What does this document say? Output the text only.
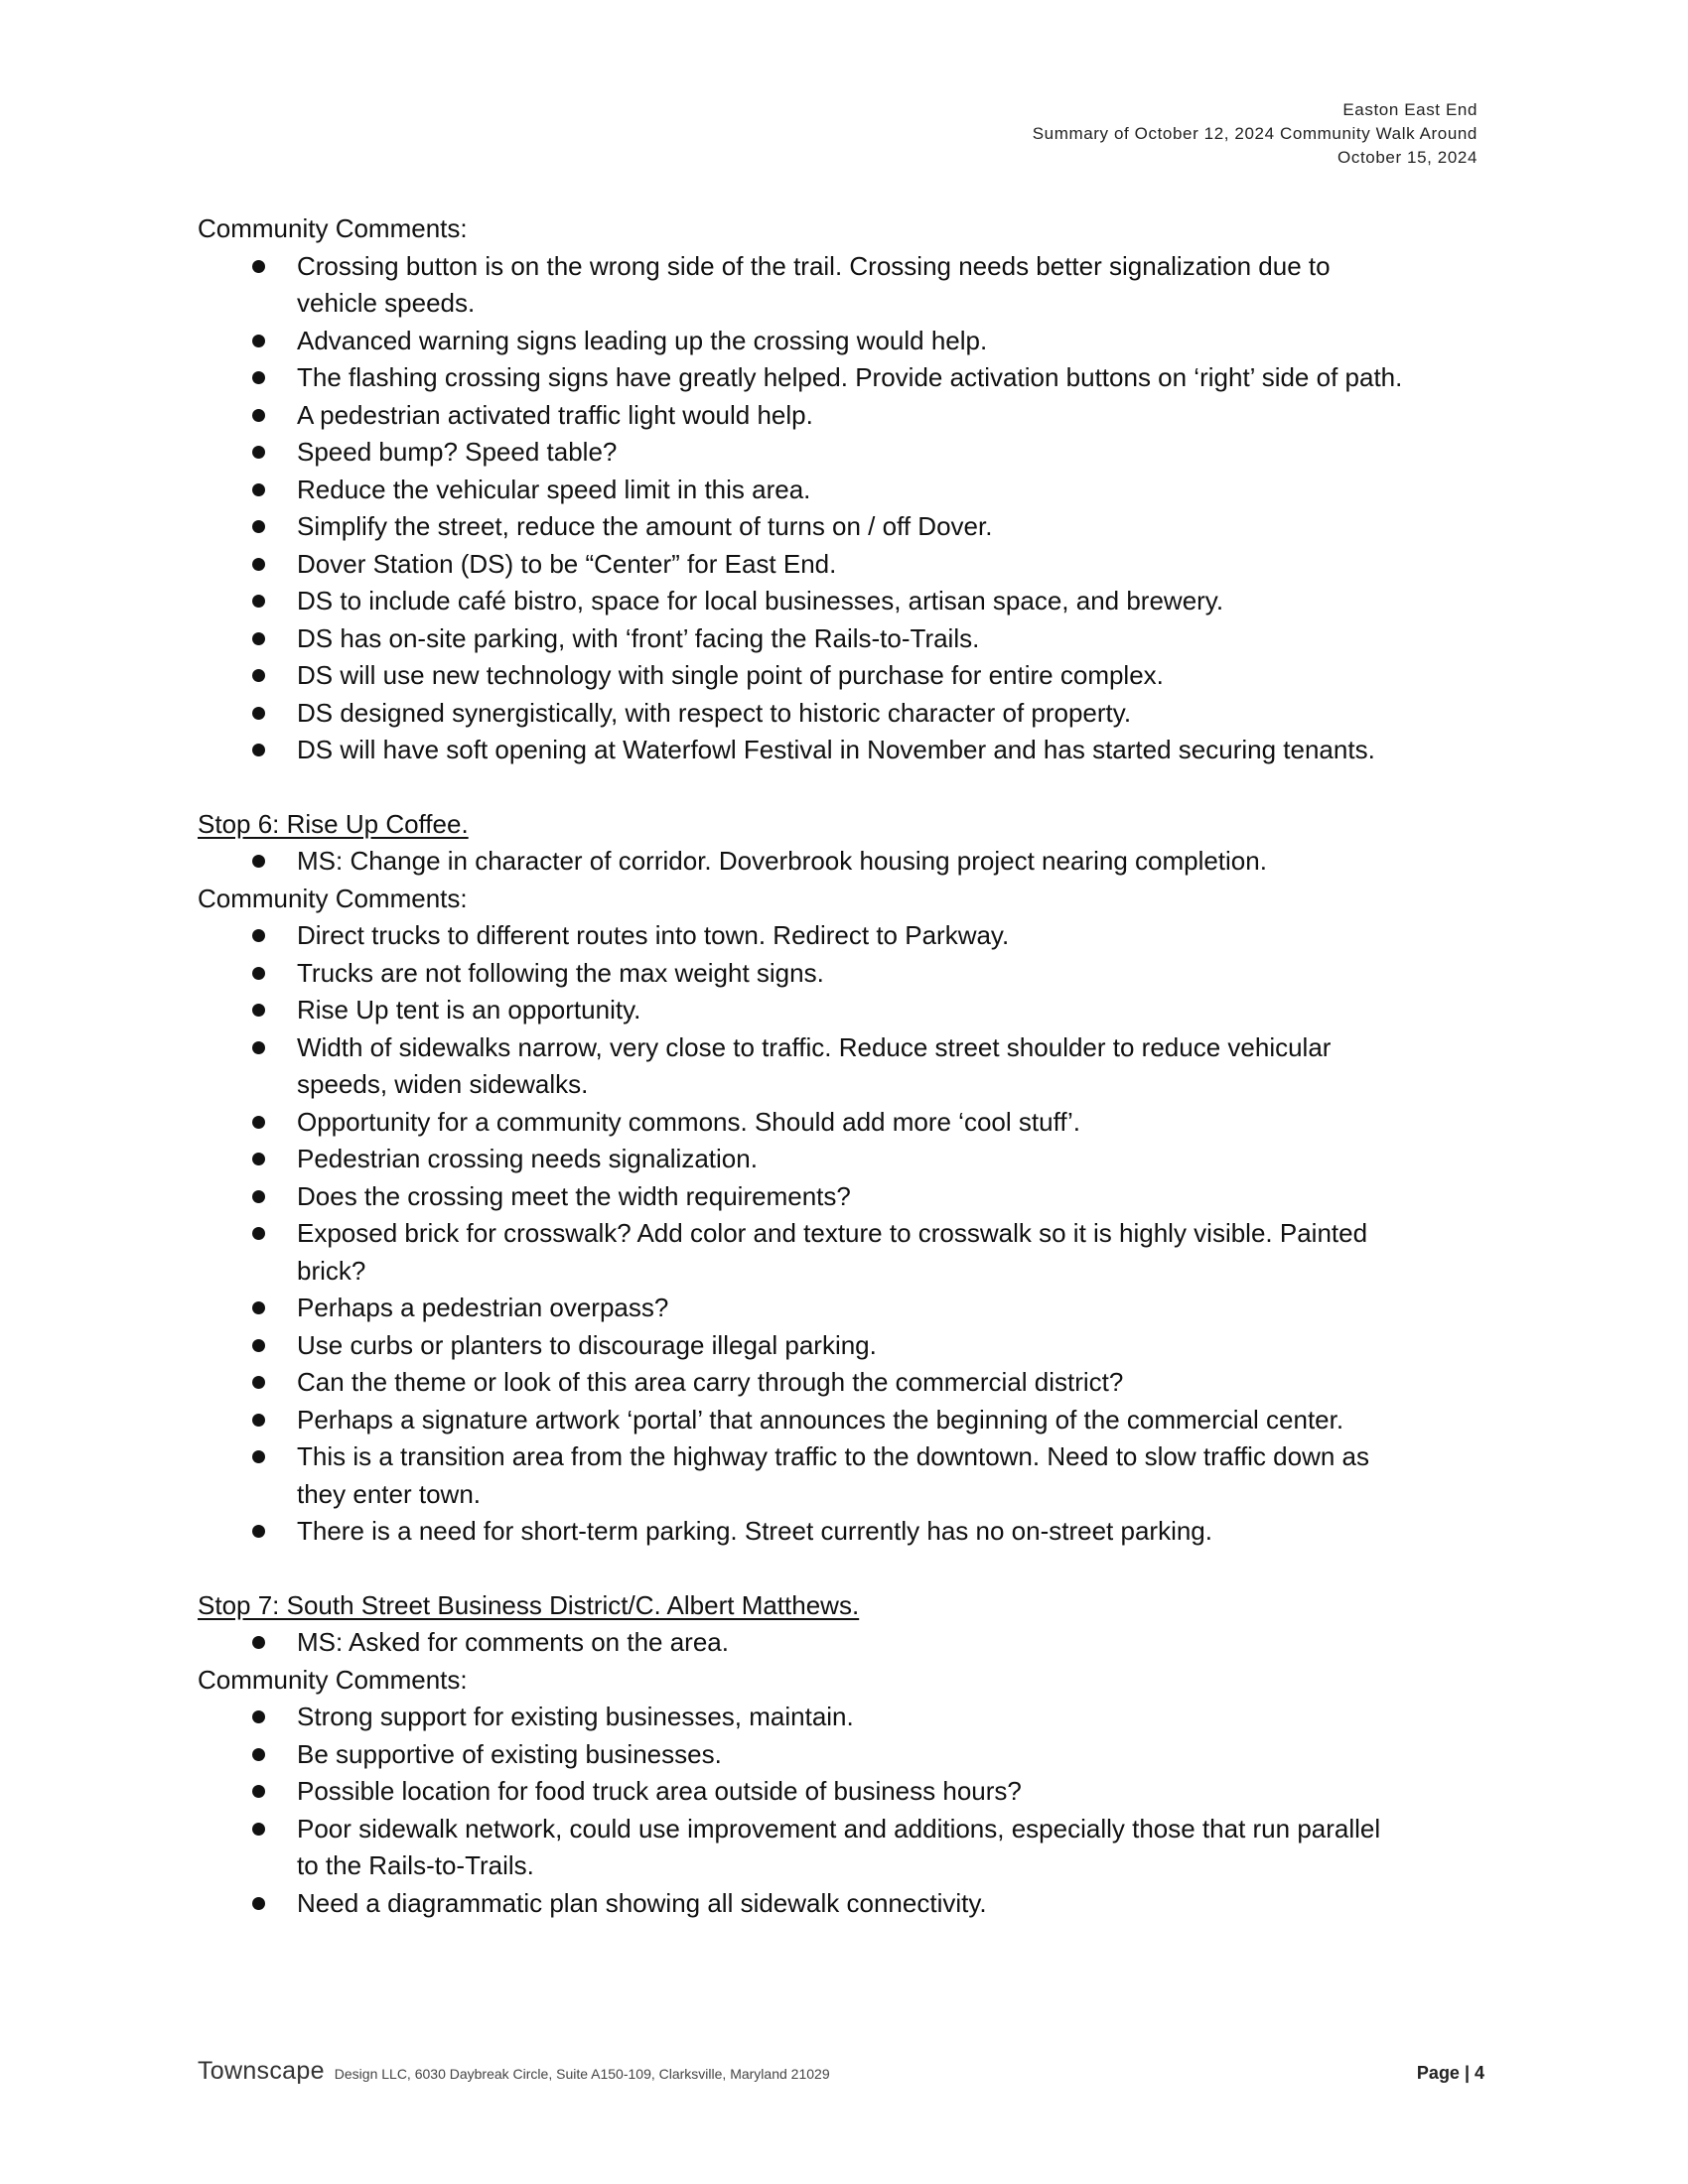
Easton East End
Summary of October 12, 2024 Community Walk Around
October 15, 2024
Community Comments:
Crossing button is on the wrong side of the trail. Crossing needs better signalization due to
vehicle speeds.
Advanced warning signs leading up the crossing would help.
The flashing crossing signs have greatly helped. Provide activation buttons on ‘right’ side of path.
A pedestrian activated traffic light would help.
Speed bump? Speed table?
Reduce the vehicular speed limit in this area.
Simplify the street, reduce the amount of turns on / off Dover.
Dover Station (DS) to be “Center” for East End.
DS to include café bistro, space for local businesses, artisan space, and brewery.
DS has on-site parking, with ‘front’ facing the Rails-to-Trails.
DS will use new technology with single point of purchase for entire complex.
DS designed synergistically, with respect to historic character of property.
DS will have soft opening at Waterfowl Festival in November and has started securing tenants.
Stop 6: Rise Up Coffee.
MS: Change in character of corridor. Doverbrook housing project nearing completion.
Community Comments:
Direct trucks to different routes into town. Redirect to Parkway.
Trucks are not following the max weight signs.
Rise Up tent is an opportunity.
Width of sidewalks narrow, very close to traffic. Reduce street shoulder to reduce vehicular
speeds, widen sidewalks.
Opportunity for a community commons. Should add more ‘cool stuff’.
Pedestrian crossing needs signalization.
Does the crossing meet the width requirements?
Exposed brick for crosswalk? Add color and texture to crosswalk so it is highly visible. Painted
brick?
Perhaps a pedestrian overpass?
Use curbs or planters to discourage illegal parking.
Can the theme or look of this area carry through the commercial district?
Perhaps a signature artwork ‘portal’ that announces the beginning of the commercial center.
This is a transition area from the highway traffic to the downtown. Need to slow traffic down as
they enter town.
There is a need for short-term parking. Street currently has no on-street parking.
Stop 7: South Street Business District/C. Albert Matthews.
MS: Asked for comments on the area.
Community Comments:
Strong support for existing businesses, maintain.
Be supportive of existing businesses.
Possible location for food truck area outside of business hours?
Poor sidewalk network, could use improvement and additions, especially those that run parallel
to the Rails-to-Trails.
Need a diagrammatic plan showing all sidewalk connectivity.
Townscape Design LLC, 6030 Daybreak Circle, Suite A150-109, Clarksville, Maryland 21029	Page | 4
